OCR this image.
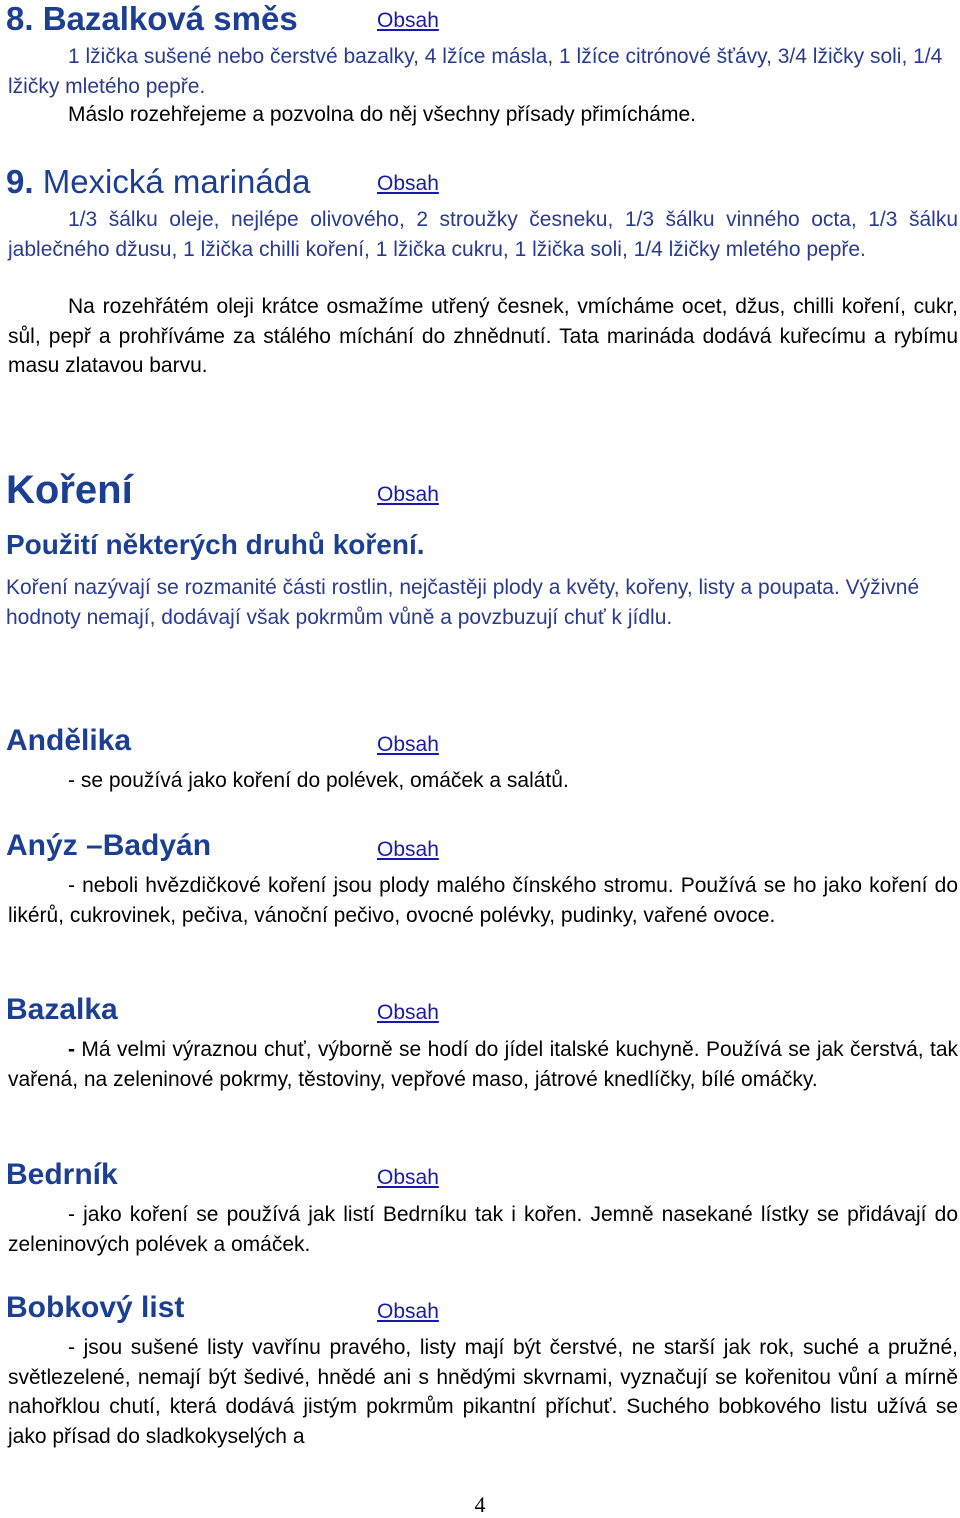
8. Bazalková směs	Obsah

1 lžička sušené nebo čerstvé bazalky, 4 lžíce másla, 1 lžíce citrónové šťávy, 3/4 lžičky soli, 1/4 lžičky mletého pepře.

Máslo rozehřejeme a pozvolna do něj všechny přísady přimícháme.

9. Mexická marináda	Obsah

1/3 šálku oleje, nejlépe olivového, 2 stroužky česneku, 1/3 šálku vinného octa, 1/3 šálku jablečného džusu, 1 lžička chilli koření, 1 lžička cukru, 1 lžička soli, 1/4 lžičky mletého pepře.

Na rozehřátém oleji krátce osmažíme utřený česnek, vmícháme ocet, džus, chilli koření, cukr, sůl, pepř a prohříváme za stálého míchání do zhnědnutí. Tata marináda dodává kuřecímu a rybímu masu zlatavou barvu.

Koření	Obsah
Použití některých druhů koření.

Koření nazývají se rozmanité části rostlin, nejčastěji plody a květy, kořeny, listy a poupata. Výživné hodnoty nemají, dodávají však pokrmům vůně a povzbuzují chuť k jídlu.

Andělika	Obsah

- se používá jako koření do polévek, omáček a salátů.

Anýz –Badyán	Obsah

- neboli hvězdičkové koření jsou plody malého čínského stromu. Používá se ho jako koření do likérů, cukrovinek, pečiva, vánoční pečivo, ovocné polévky, pudinky, vařené ovoce.

Bazalka	Obsah

- Má velmi výraznou chuť, výborně se hodí do jídel italské kuchyně. Používá se jak čerstvá, tak vařená, na zeleninové pokrmy, těstoviny, vepřové maso, játrové knedlíčky, bílé omáčky.

Bedrník	Obsah

- jako koření se používá jak listí Bedrníku tak i kořen. Jemně nasekané lístky se přidávají do zeleninových polévek a omáček.

Bobkový list	Obsah

- jsou sušené listy vavřínu pravého, listy mají být čerstvé, ne starší jak rok, suché a pružné, světlezelené, nemají být šedivé, hnědé ani s hnědými skvrnami, vyznačují se kořenitou vůní a mírně nahořklou chutí, která dodává jistým pokrmům pikantní příchuť. Suchého bobkového listu užívá se jako přísad do sladkokyselých a

4
